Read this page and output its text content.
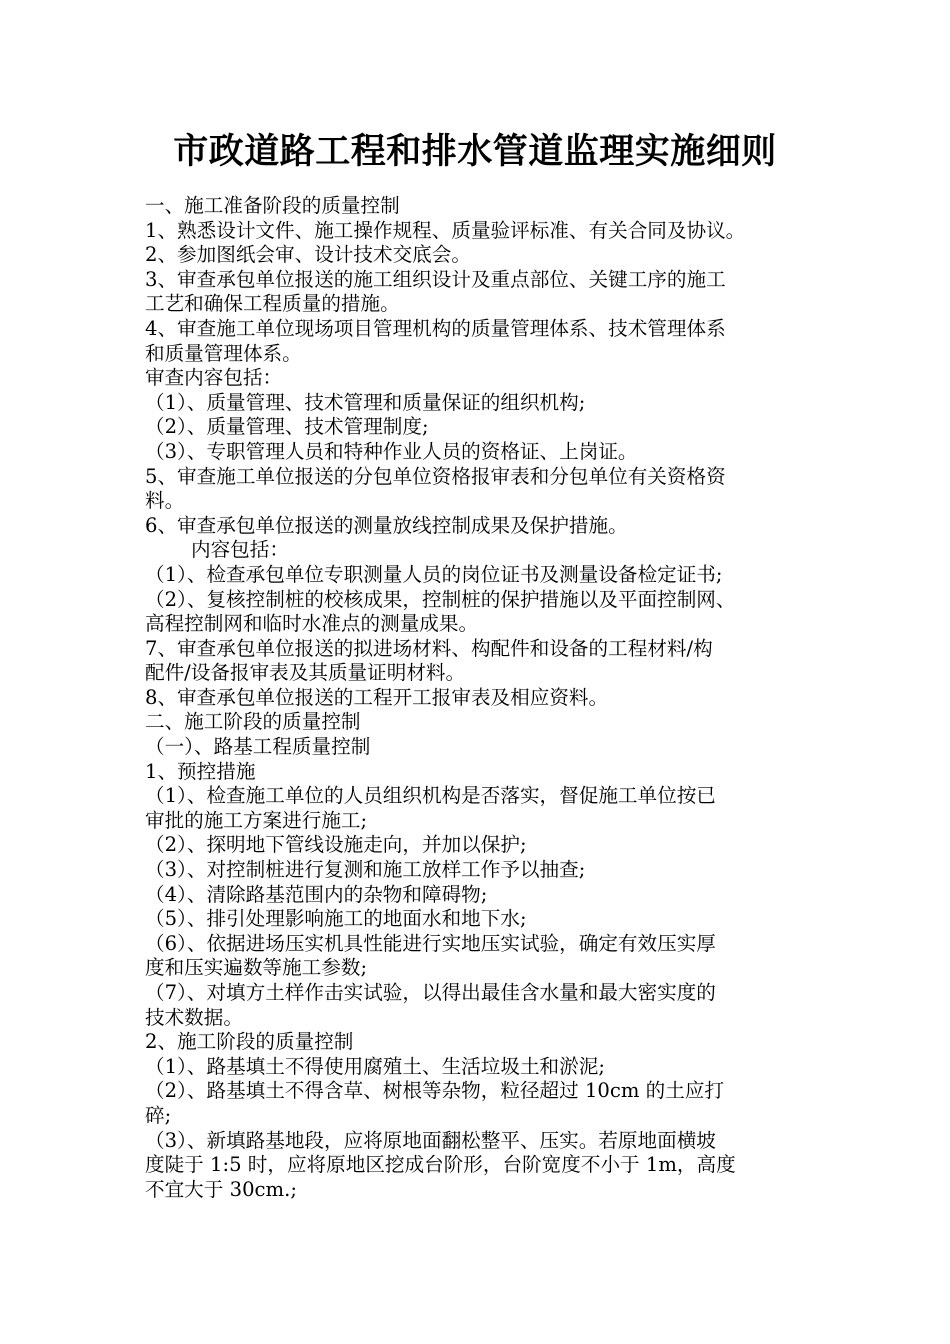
市政道路工程和排水管道监理实施细则
一、施工准备阶段的质量控制
1、熟悉设计文件、施工操作规程、质量验评标准、有关合同及协议。
2、参加图纸会审、设计技术交底会。
3、审查承包单位报送的施工组织设计及重点部位、关键工序的施工
工艺和确保工程质量的措施。
4、审查施工单位现场项目管理机构的质量管理体系、技术管理体系
和质量管理体系。
审查内容包括：
（1）、质量管理、技术管理和质量保证的组织机构;
（2）、质量管理、技术管理制度;
（3）、专职管理人员和特种作业人员的资格证、上岗证。
5、审查施工单位报送的分包单位资格报审表和分包单位有关资格资
料。
6、审查承包单位报送的测量放线控制成果及保护措施。
内容包括：
（1）、检查承包单位专职测量人员的岗位证书及测量设备检定证书;
（2）、复核控制桩的校核成果，控制桩的保护措施以及平面控制网、
高程控制网和临时水准点的测量成果。
7、审查承包单位报送的拟进场材料、构配件和设备的工程材料/构
配件/设备报审表及其质量证明材料。
8、审查承包单位报送的工程开工报审表及相应资料。
二、施工阶段的质量控制
（一）、路基工程质量控制
1、预控措施
（1）、检查施工单位的人员组织机构是否落实，督促施工单位按已
审批的施工方案进行施工;
（2）、探明地下管线设施走向，并加以保护;
（3）、对控制桩进行复测和施工放样工作予以抽查;
（4）、清除路基范围内的杂物和障碍物;
（5）、排引处理影响施工的地面水和地下水;
（6）、依据进场压实机具性能进行实地压实试验，确定有效压实厚
度和压实遍数等施工参数;
（7）、对填方土样作击实试验，以得出最佳含水量和最大密实度的
技术数据。
2、施工阶段的质量控制
（1）、路基填土不得使用腐殖土、生活垃圾土和淤泥;
（2）、路基填土不得含草、树根等杂物，粒径超过 10cm 的土应打
碎;
（3）、新填路基地段，应将原地面翻松整平、压实。若原地面横坡
度陡于 1:5 时，应将原地区挖成台阶形，台阶宽度不小于 1m，高度
不宜大于 30cm.;
